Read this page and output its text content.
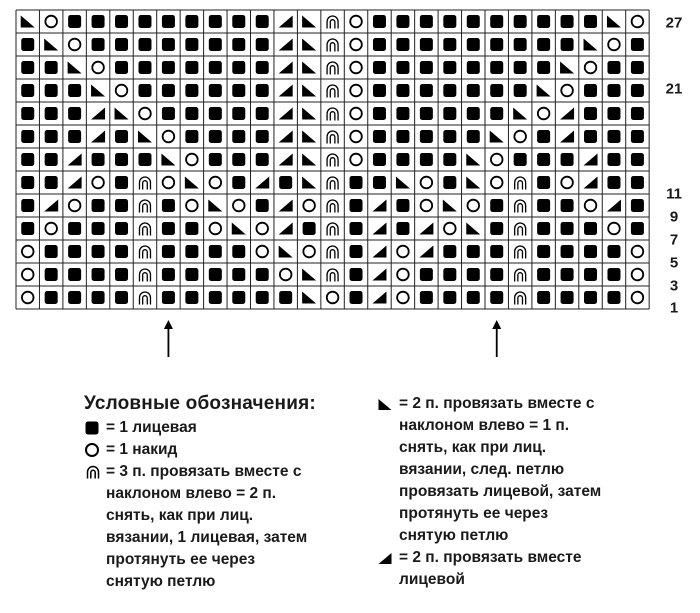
27
21
11
9
7
5
3
1
Условные обозначения:
= 1 лицевая
= 1 накид
= 3 п. провязать вместе с
наклоном влево = 2 п.
снять, как при лиц.
вязании, 1 лицевая, затем
протянуть ее через
снятую петлю
= 2 п. провязать вместе с
наклоном влево = 1 п.
снять, как при лиц.
вязании, след. петлю
провязать лицевой, затем
протянуть ее через
снятую петлю
= 2 п. провязать вместе
лицевой
